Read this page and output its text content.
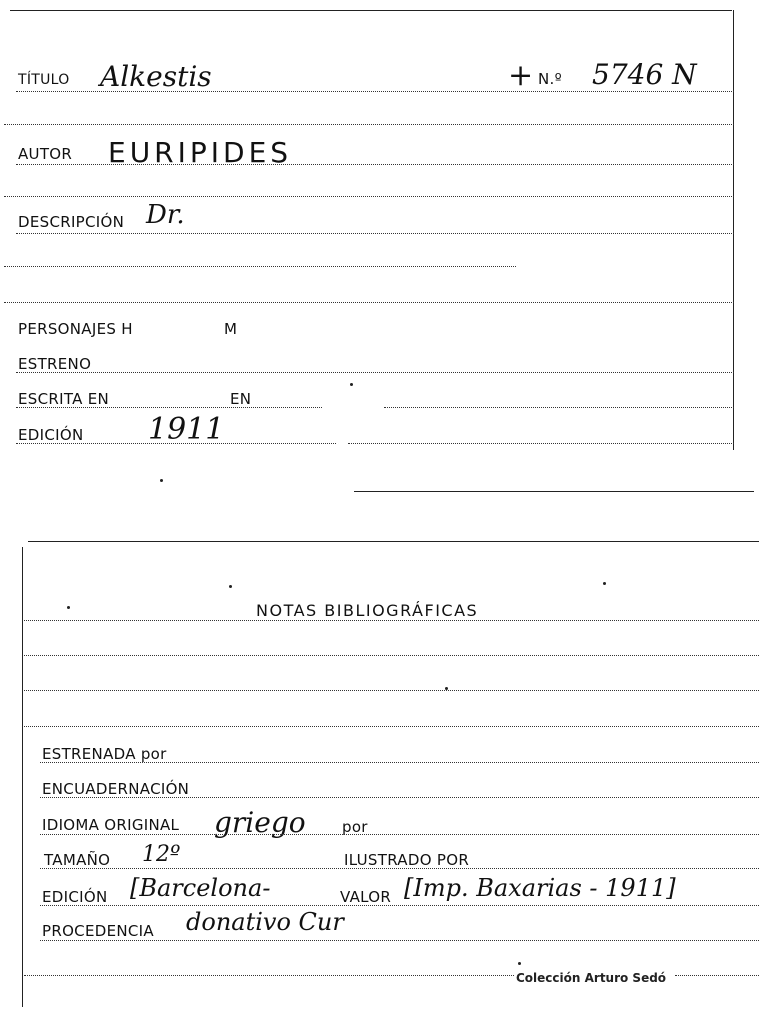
TÍTULO Alkestis	+ N.º 5746 N
AUTOR EURIPIDES
DESCRIPCIÓN Dr.
PERSONAJES H	M
ESTRENO
ESCRITA EN	EN
EDICIÓN 1911
NOTAS BIBLIOGRÁFICAS
ESTRENADA por
ENCUADERNACIÓN
IDIOMA ORIGINAL griego por
TAMAÑO 12º	ILUSTRADO POR
EDICIÓN [Barcelona-	VALOR [Imp. Baxarias - 1911]
PROCEDENCIA donativo Cur
Colección Arturo Sedó
